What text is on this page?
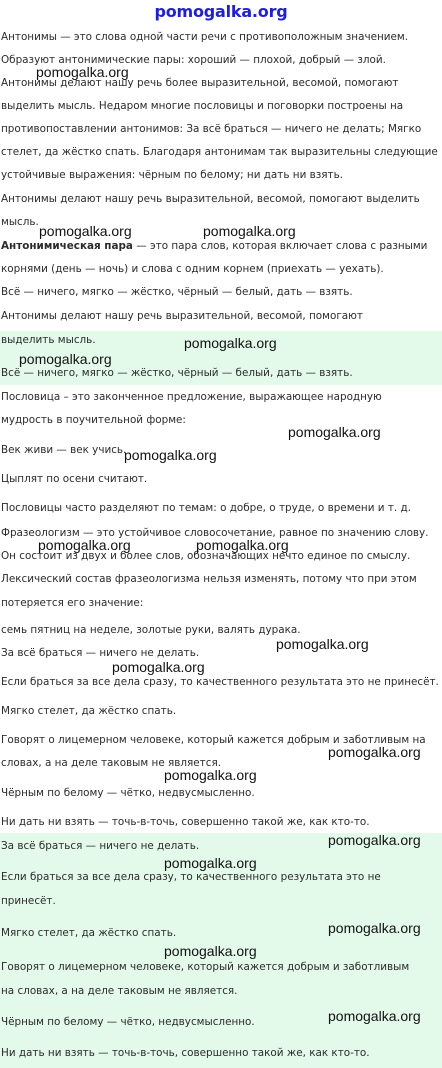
pomogalka.org
Антонимы — это слова одной части речи с противоположным значением.
Образуют антонимические пары: хороший — плохой, добрый — злой.
Антонимы делают нашу речь более выразительной, весомой, помогают
выделить мысль. Недаром многие пословицы и поговорки построены на
противопоставлении антонимов: За всё браться — ничего не делать; Мягко
стелет, да жёстко спать. Благодаря антонимам так выразительны следующие
устойчивые выражения: чёрным по белому; ни дать ни взять.
Антонимы делают нашу речь выразительной, весомой, помогают выделить
мысль.
Антонимическая пара — это пара слов, которая включает слова с разными
корнями (день — ночь) и слова с одним корнем (приехать — уехать).
Всё — ничего, мягко — жёстко, чёрный — белый, дать — взять.
Антонимы делают нашу речь выразительной, весомой, помогают
выделить мысль.
Всё — ничего, мягко — жёстко, чёрный — белый, дать — взять.
Пословица – это законченное предложение, выражающее народную
мудрость в поучительной форме:
Век живи — век учись.
Цыплят по осени считают.
Пословицы часто разделяют по темам: о добре, о труде, о времени и т. д.
Фразеологизм — это устойчивое словосочетание, равное по значению слову.
Он состоит из двух и более слов, обозначающих нечто единое по смыслу.
Лексический состав фразеологизма нельзя изменять, потому что при этом
потеряется его значение:
семь пятниц на неделе, золотые руки, валять дурака.
За всё браться — ничего не делать.
Если браться за все дела сразу, то качественного результата это не принесёт.
Мягко стелет, да жёстко спать.
Говорят о лицемерном человеке, который кажется добрым и заботливым на
словах, а на деле таковым не является.
Чёрным по белому — чётко, недвусмысленно.
Ни дать ни взять — точь-в-точь, совершенно такой же, как кто-то.
За всё браться — ничего не делать.
Если браться за все дела сразу, то качественного результата это не
принесёт.
Мягко стелет, да жёстко спать.
Говорят о лицемерном человеке, который кажется добрым и заботливым
на словах, а на деле таковым не является.
Чёрным по белому — чётко, недвусмысленно.
Ни дать ни взять — точь-в-точь, совершенно такой же, как кто-то.
pomogalka.org
pomogalka.org	pomogalka.org
pomogalka.org
pomogalka.org
pomogalka.org
pomogalka.org
pomogalka.org	pomogalka.org
pomogalka.org
pomogalka.org
pomogalka.org
pomogalka.org
pomogalka.org
pomogalka.org
pomogalka.org
pomogalka.org
pomogalka.org
